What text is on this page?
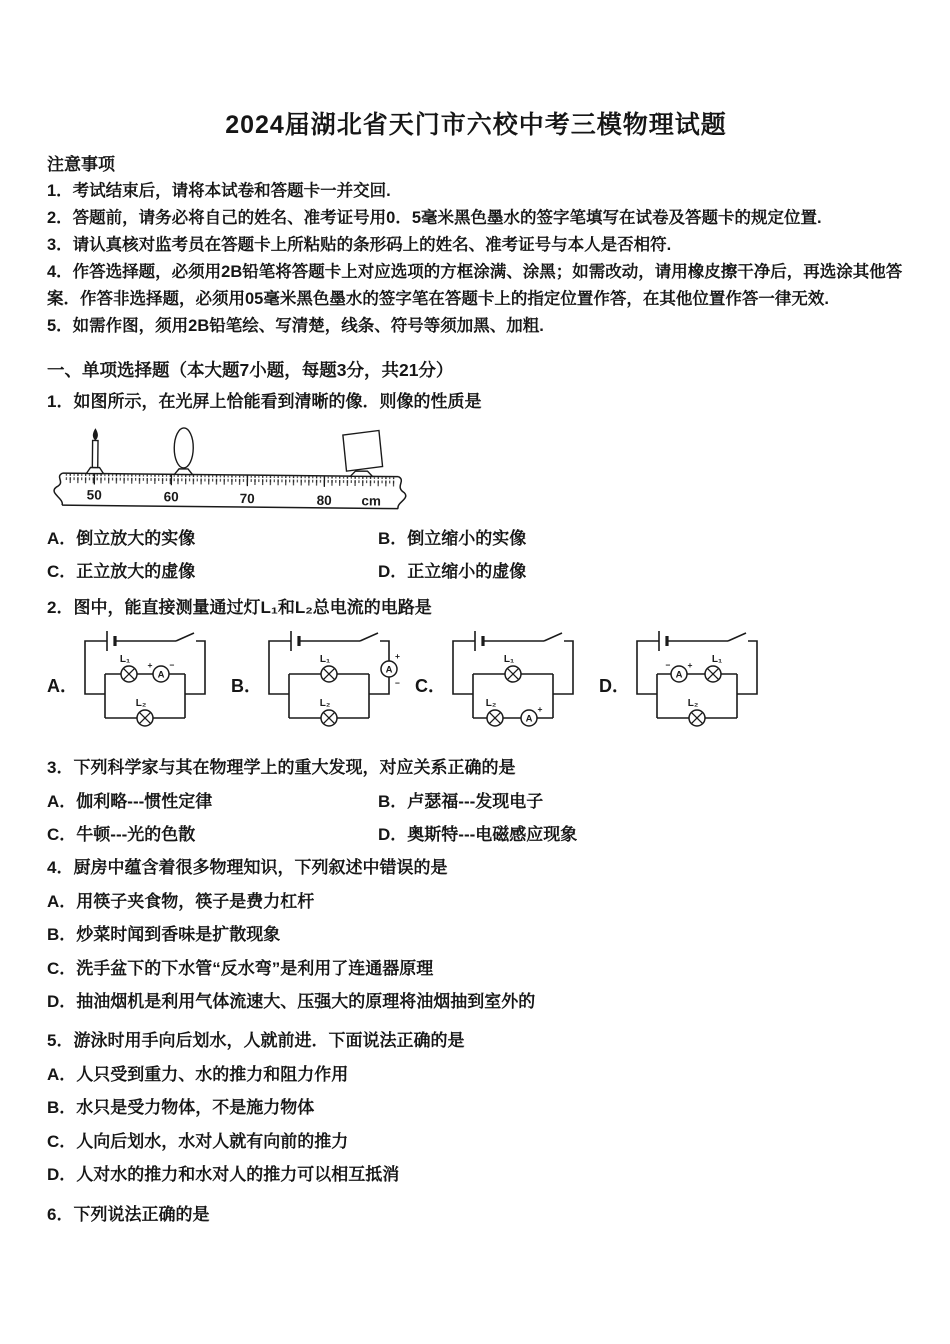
2024届湖北省天门市六校中考三模物理试题
注意事项
1．考试结束后，请将本试卷和答题卡一并交回.
2．答题前，请务必将自己的姓名、准考证号用0．5毫米黑色墨水的签字笔填写在试卷及答题卡的规定位置.
3．请认真核对监考员在答题卡上所粘贴的条形码上的姓名、准考证号与本人是否相符.
4．作答选择题，必须用2B铅笔将答题卡上对应选项的方框涂满、涂黑；如需改动，请用橡皮擦干净后，再选涂其他答案．作答非选择题，必须用05毫米黑色墨水的签字笔在答题卡上的指定位置作答，在其他位置作答一律无效.
5．如需作图，须用2B铅笔绘、写清楚，线条、符号等须加黑、加粗.
一、单项选择题（本大题7小题，每题3分，共21分）
1．如图所示，在光屏上恰能看到清晰的像．则像的性质是
50	60	70	80 cm
A．倒立放大的实像	B．倒立缩小的实像
C．正立放大的虚像	D．正立缩小的虚像
2．图中，能直接测量通过灯L₁和L₂总电流的电路是
A．
A
+ −
L₁
L₂
B．
A
+
−
L₁
L₂
C．
A
+
L₁
L₂
D．
A
− + L₁
L₂
3．下列科学家与其在物理学上的重大发现，对应关系正确的是
A．伽利略---惯性定律	B．卢瑟福---发现电子
C．牛顿---光的色散	D．奥斯特---电磁感应现象
4．厨房中蕴含着很多物理知识，下列叙述中错误的是
A．用筷子夹食物，筷子是费力杠杆
B．炒菜时闻到香味是扩散现象
C．洗手盆下的下水管“反水弯”是利用了连通器原理
D．抽油烟机是利用气体流速大、压强大的原理将油烟抽到室外的
5．游泳时用手向后划水，人就前进．下面说法正确的是
A．人只受到重力、水的推力和阻力作用
B．水只是受力物体，不是施力物体
C．人向后划水，水对人就有向前的推力
D．人对水的推力和水对人的推力可以相互抵消
6．下列说法正确的是
